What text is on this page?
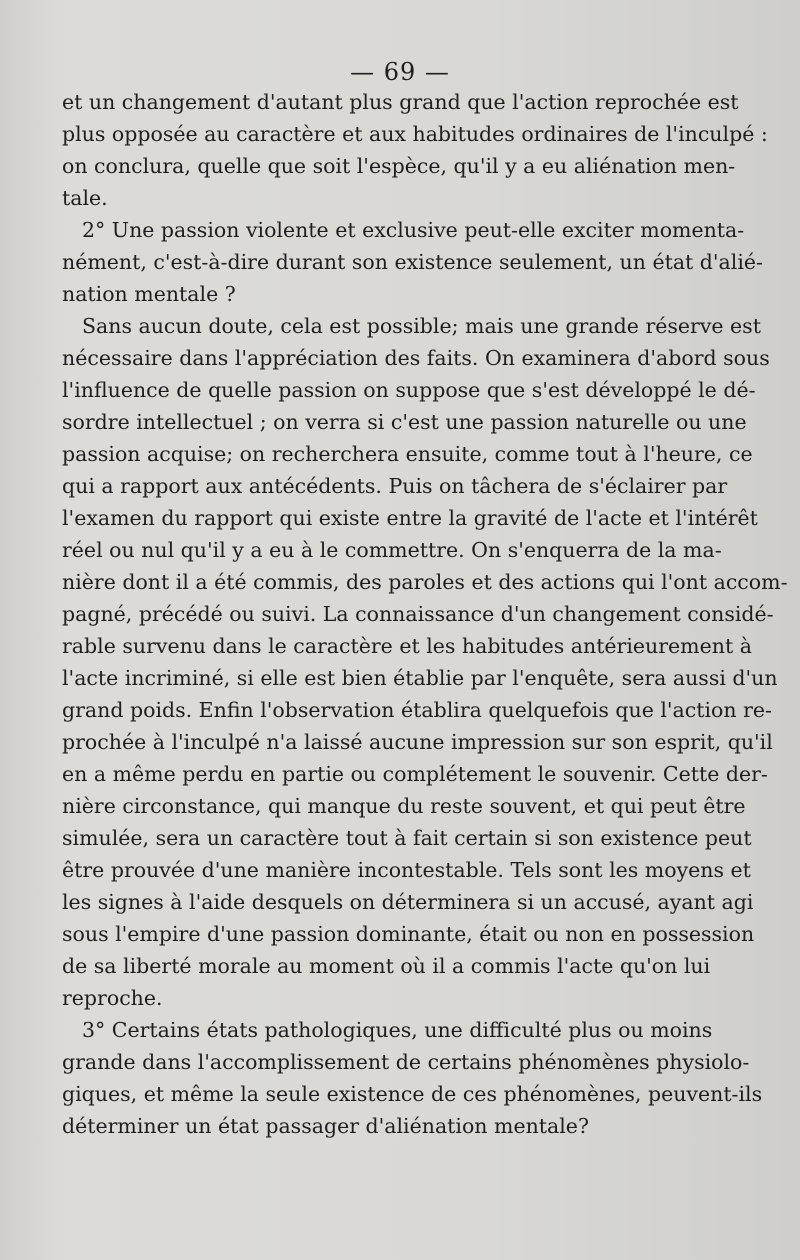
— 69 —
et un changement d'autant plus grand que l'action reprochée est
plus opposée au caractère et aux habitudes ordinaires de l'inculpé :
on conclura, quelle que soit l'espèce, qu'il y a eu aliénation men-
tale.
2° Une passion violente et exclusive peut-elle exciter momenta-
nément, c'est-à-dire durant son existence seulement, un état d'alié-
nation mentale ?
Sans aucun doute, cela est possible; mais une grande réserve est
nécessaire dans l'appréciation des faits. On examinera d'abord sous
l'influence de quelle passion on suppose que s'est développé le dé-
sordre intellectuel ; on verra si c'est une passion naturelle ou une
passion acquise; on recherchera ensuite, comme tout à l'heure, ce
qui a rapport aux antécédents. Puis on tâchera de s'éclairer par
l'examen du rapport qui existe entre la gravité de l'acte et l'intérêt
réel ou nul qu'il y a eu à le commettre. On s'enquerra de la ma-
nière dont il a été commis, des paroles et des actions qui l'ont accom-
pagné, précédé ou suivi. La connaissance d'un changement considé-
rable survenu dans le caractère et les habitudes antérieurement à
l'acte incriminé, si elle est bien établie par l'enquête, sera aussi d'un
grand poids. Enfin l'observation établira quelquefois que l'action re-
prochée à l'inculpé n'a laissé aucune impression sur son esprit, qu'il
en a même perdu en partie ou complétement le souvenir. Cette der-
nière circonstance, qui manque du reste souvent, et qui peut être
simulée, sera un caractère tout à fait certain si son existence peut
être prouvée d'une manière incontestable. Tels sont les moyens et
les signes à l'aide desquels on déterminera si un accusé, ayant agi
sous l'empire d'une passion dominante, était ou non en possession
de sa liberté morale au moment où il a commis l'acte qu'on lui
reproche.
3° Certains états pathologiques, une difficulté plus ou moins
grande dans l'accomplissement de certains phénomènes physiolo-
giques, et même la seule existence de ces phénomènes, peuvent-ils
déterminer un état passager d'aliénation mentale?
